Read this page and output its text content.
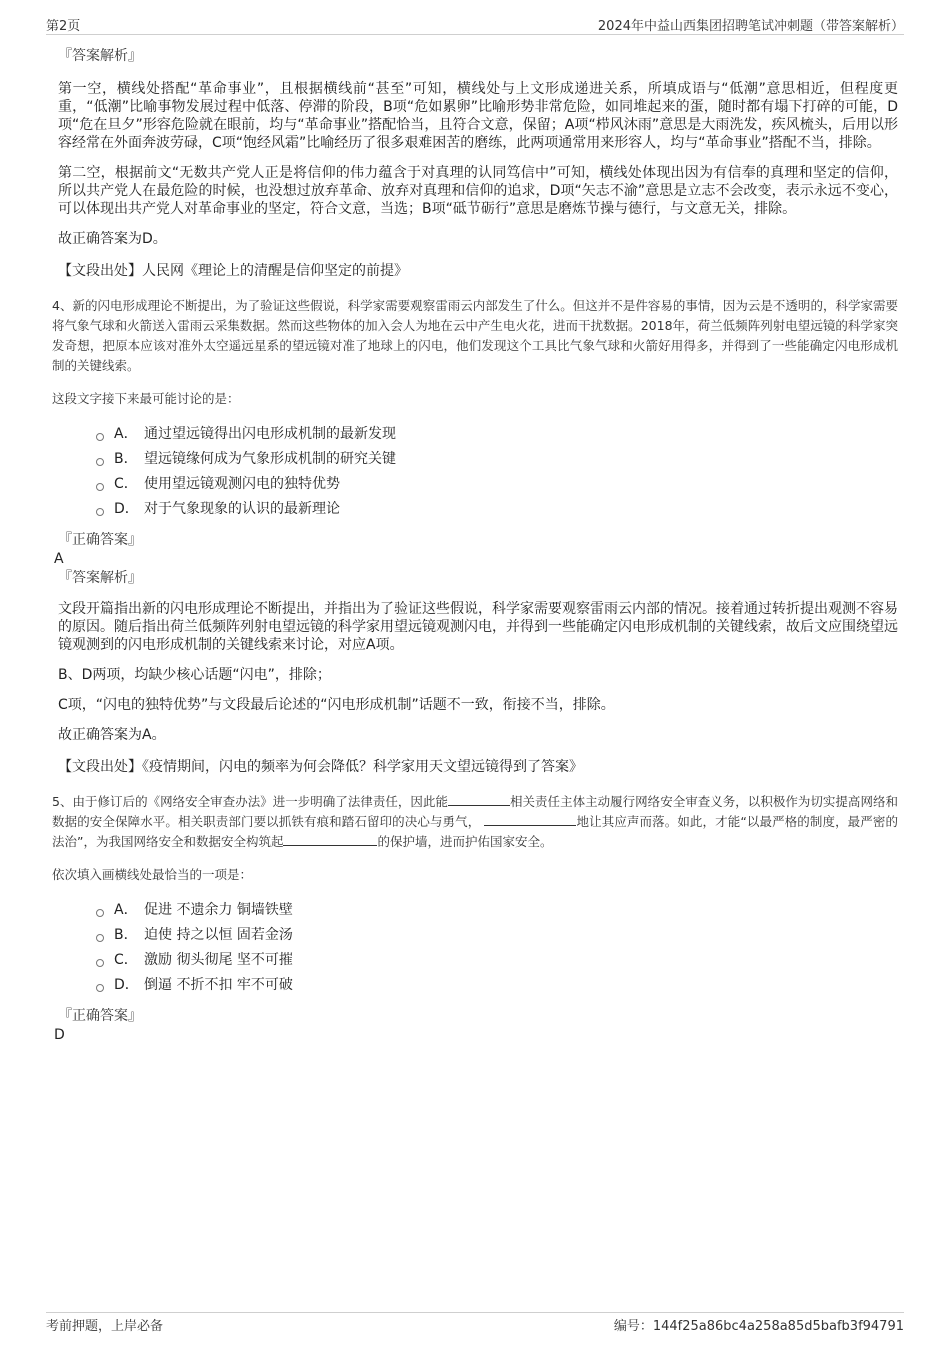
第2页	2024年中益山西集团招聘笔试冲刺题（带答案解析）
『答案解析』

第一空，横线处搭配“革命事业”，且根据横线前“甚至”可知，横线处与上文形成递进关系，所填成语与“低潮”意思相近，但程度更重，“低潮”比喻事物发展过程中低落、停滞的阶段，B项“危如累卵”比喻形势非常危险，如同堆起来的蛋，随时都有塌下打碎的可能，D项“危在旦夕”形容危险就在眼前，均与“革命事业”搭配恰当，且符合文意，保留；A项“栉风沐雨”意思是大雨洗发，疾风梳头，后用以形容经常在外面奔波劳碌，C项“饱经风霜”比喻经历了很多艰难困苦的磨练，此两项通常用来形容人，均与“革命事业”搭配不当，排除。

第二空，根据前文“无数共产党人正是将信仰的伟力蕴含于对真理的认同笃信中”可知，横线处体现出因为有信奉的真理和坚定的信仰，所以共产党人在最危险的时候，也没想过放弃革命、放弃对真理和信仰的追求，D项“矢志不渝”意思是立志不会改变，表示永远不变心，可以体现出共产党人对革命事业的坚定，符合文意，当选；B项“砥节砺行”意思是磨炼节操与德行，与文意无关，排除。

故正确答案为D。

【文段出处】人民网《理论上的清醒是信仰坚定的前提》

4、新的闪电形成理论不断提出，为了验证这些假说，科学家需要观察雷雨云内部发生了什么。但这并不是件容易的事情，因为云是不透明的，科学家需要将气象气球和火箭送入雷雨云采集数据。然而这些物体的加入会人为地在云中产生电火花，进而干扰数据。2018年，荷兰低频阵列射电望远镜的科学家突发奇想，把原本应该对准外太空遥远星系的望远镜对准了地球上的闪电，他们发现这个工具比气象气球和火箭好用得多，并得到了一些能确定闪电形成机制的关键线索。

这段文字接下来最可能讨论的是：

A． 通过望远镜得出闪电形成机制的最新发现
B． 望远镜缘何成为气象形成机制的研究关键
C． 使用望远镜观测闪电的独特优势
D． 对于气象现象的认识的最新理论
『正确答案』
A
『答案解析』

文段开篇指出新的闪电形成理论不断提出，并指出为了验证这些假说，科学家需要观察雷雨云内部的情况。接着通过转折提出观测不容易的原因。随后指出荷兰低频阵列射电望远镜的科学家用望远镜观测闪电，并得到一些能确定闪电形成机制的关键线索，故后文应围绕望远镜观测到的闪电形成机制的关键线索来讨论，对应A项。

B、D两项，均缺少核心话题“闪电”，排除；

C项，“闪电的独特优势”与文段最后论述的“闪电形成机制”话题不一致，衔接不当，排除。

故正确答案为A。

【文段出处】《疫情期间，闪电的频率为何会降低？科学家用天文望远镜得到了答案》

5、由于修订后的《网络安全审查办法》进一步明确了法律责任，因此能	相关责任主体主动履行网络安全审查义务，以积极作为切实提高网络和数据的安全保障水平。相关职责部门要以抓铁有痕和踏石留印的决心与勇气，	地让其应声而落。如此，才能“以最严格的制度，最严密的法治”，为我国网络安全和数据安全构筑起	的保护墙，进而护佑国家安全。

依次填入画横线处最恰当的一项是：

A． 促进 不遗余力 铜墙铁壁
B． 迫使 持之以恒 固若金汤
C． 激励 彻头彻尾 坚不可摧
D． 倒逼 不折不扣 牢不可破
『正确答案』
D
考前押题，上岸必备	编号：144f25a86bc4a258a85d5bafb3f94791
